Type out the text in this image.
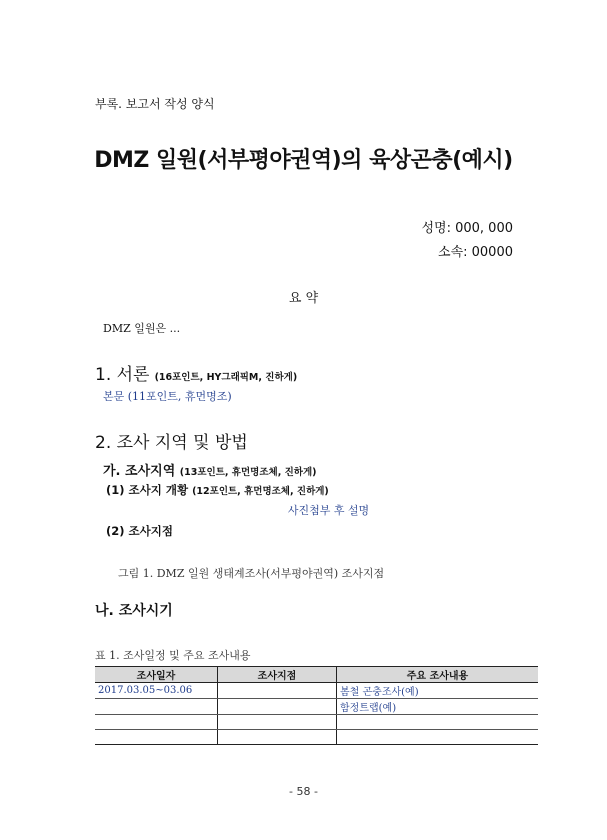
부록. 보고서 작성 양식
DMZ 일원(서부평야권역)의 육상곤충(예시)
성명: 000, 000
소속: 00000
요 약
DMZ 일원은 ...
1. 서론 (16포인트, HY그래픽M, 진하게)
본문 (11포인트, 휴먼명조)
2. 조사 지역 및 방법
가. 조사지역 (13포인트, 휴먼명조체, 진하게)
(1) 조사지 개황 (12포인트, 휴먼명조체, 진하게)
사진첨부 후 설명
(2) 조사지점
그림 1. DMZ 일원 생태계조사(서부평야권역) 조사지점
나. 조사시기
표 1. 조사일정 및 주요 조사내용
조사일자	조사지점	주요 조사내용
2017.03.05~03.06		봄철 곤충조사(예)
		함정트랩(예)

- 58 -
